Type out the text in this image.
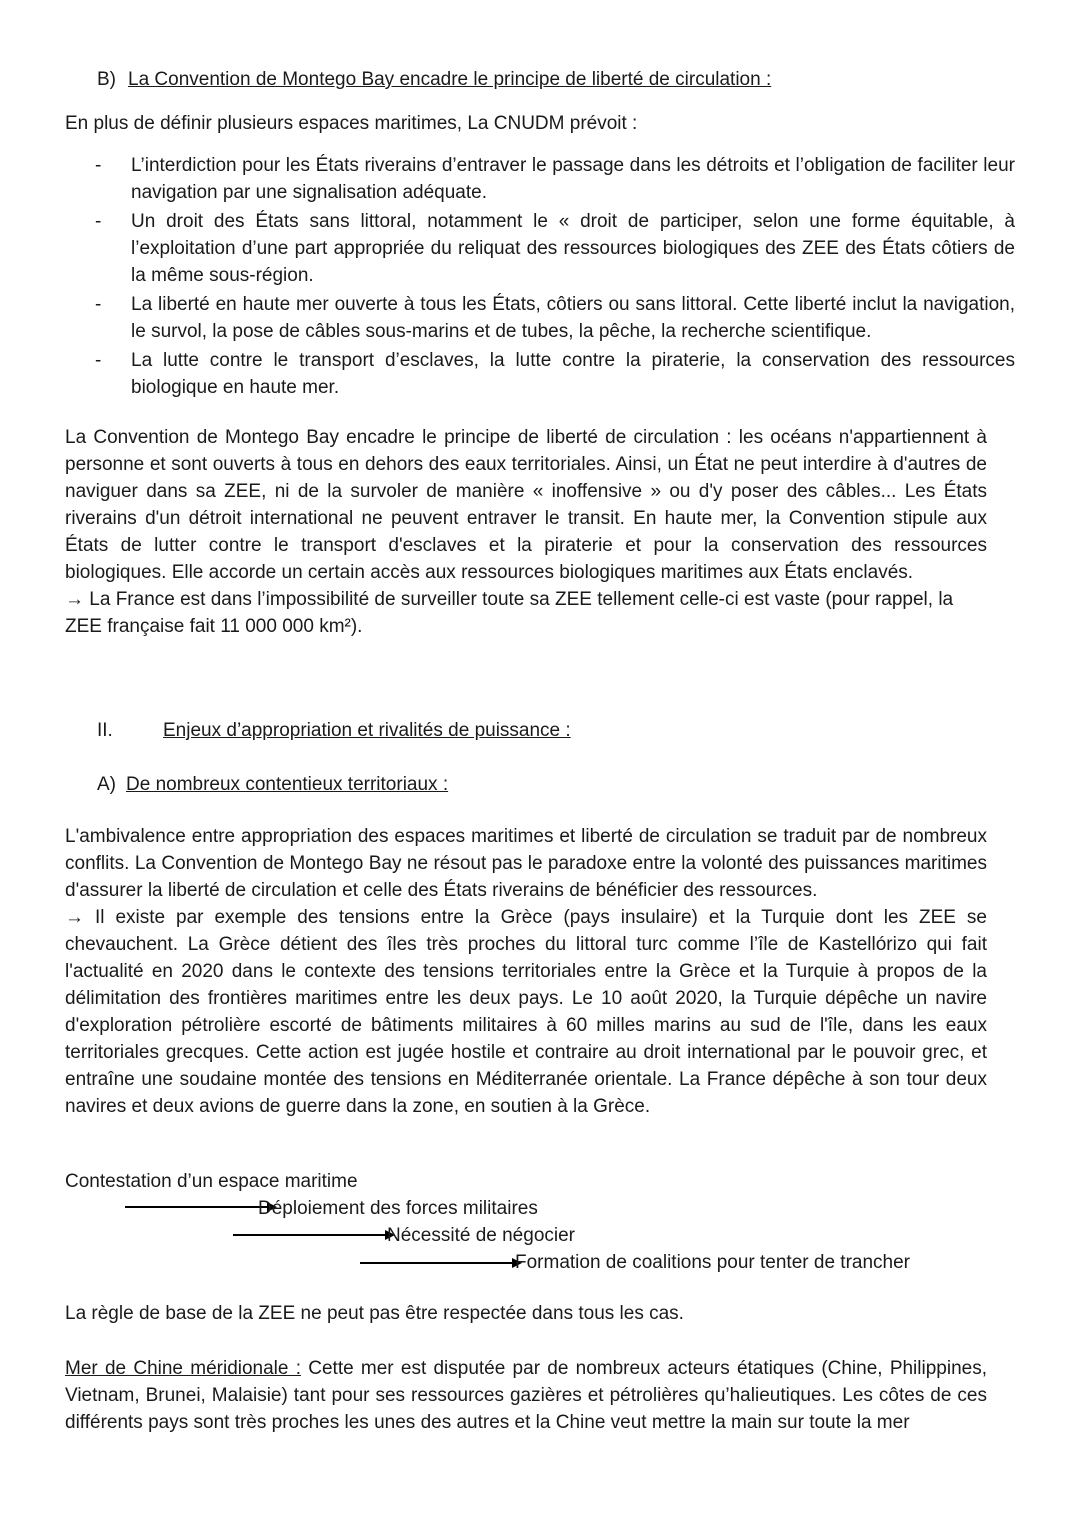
B) La Convention de Montego Bay encadre le principe de liberté de circulation :

En plus de définir plusieurs espaces maritimes, La CNUDM prévoit :

- L’interdiction pour les États riverains d’entraver le passage dans les détroits et l’obligation de faciliter leur navigation par une signalisation adéquate.
- Un droit des États sans littoral, notamment le « droit de participer, selon une forme équitable, à l’exploitation d’une part appropriée du reliquat des ressources biologiques des ZEE des États côtiers de la même sous-région.
- La liberté en haute mer ouverte à tous les États, côtiers ou sans littoral. Cette liberté inclut la navigation, le survol, la pose de câbles sous-marins et de tubes, la pêche, la recherche scientifique.
- La lutte contre le transport d’esclaves, la lutte contre la piraterie, la conservation des ressources biologique en haute mer.

La Convention de Montego Bay encadre le principe de liberté de circulation : les océans n'appartiennent à personne et sont ouverts à tous en dehors des eaux territoriales. Ainsi, un État ne peut interdire à d'autres de naviguer dans sa ZEE, ni de la survoler de manière « inoffensive » ou d'y poser des câbles... Les États riverains d'un détroit international ne peuvent entraver le transit. En haute mer, la Convention stipule aux États de lutter contre le transport d'esclaves et la piraterie et pour la conservation des ressources biologiques. Elle accorde un certain accès aux ressources biologiques maritimes aux États enclavés.

→ La France est dans l’impossibilité de surveiller toute sa ZEE tellement celle-ci est vaste (pour rappel, la ZEE française fait 11 000 000 km²).

II.	Enjeux d’appropriation et rivalités de puissance :
A) De nombreux contentieux territoriaux :

L'ambivalence entre appropriation des espaces maritimes et liberté de circulation se traduit par de nombreux conflits. La Convention de Montego Bay ne résout pas le paradoxe entre la volonté des puissances maritimes d'assurer la liberté de circulation et celle des États riverains de bénéficier des ressources.

→ Il existe par exemple des tensions entre la Grèce (pays insulaire) et la Turquie dont les ZEE se chevauchent. La Grèce détient des îles très proches du littoral turc comme l’île de Kastellórizo qui fait l'actualité en 2020 dans le contexte des tensions territoriales entre la Grèce et la Turquie à propos de la délimitation des frontières maritimes entre les deux pays. Le 10 août 2020, la Turquie dépêche un navire d'exploration pétrolière escorté de bâtiments militaires à 60 milles marins au sud de l'île, dans les eaux territoriales grecques. Cette action est jugée hostile et contraire au droit international par le pouvoir grec, et entraîne une soudaine montée des tensions en Méditerranée orientale. La France dépêche à son tour deux navires et deux avions de guerre dans la zone, en soutien à la Grèce.

Contestation d’un espace maritime
Déploiement des forces militaires
Nécessité de négocier
Formation de coalitions pour tenter de trancher

La règle de base de la ZEE ne peut pas être respectée dans tous les cas.

Mer de Chine méridionale : Cette mer est disputée par de nombreux acteurs étatiques (Chine, Philippines, Vietnam, Brunei, Malaisie) tant pour ses ressources gazières et pétrolières qu’halieutiques. Les côtes de ces différents pays sont très proches les unes des autres et la Chine veut mettre la main sur toute la mer
